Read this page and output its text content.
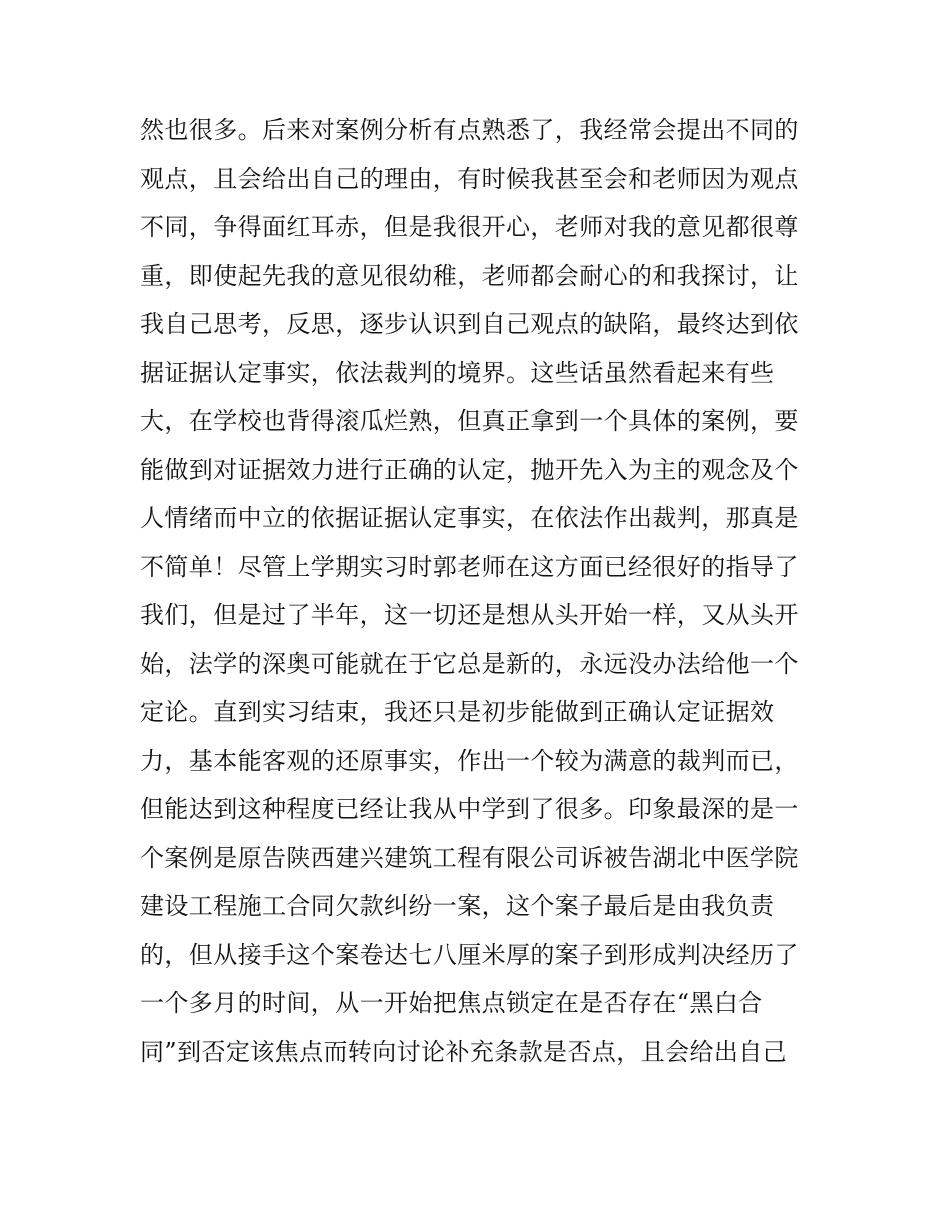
然也很多。后来对案例分析有点熟悉了，我经常会提出不同的
观点，且会给出自己的理由，有时候我甚至会和老师因为观点
不同，争得面红耳赤，但是我很开心，老师对我的意见都很尊
重，即使起先我的意见很幼稚，老师都会耐心的和我探讨，让
我自己思考，反思，逐步认识到自己观点的缺陷，最终达到依
据证据认定事实，依法裁判的境界。这些话虽然看起来有些
大，在学校也背得滚瓜烂熟，但真正拿到一个具体的案例，要
能做到对证据效力进行正确的认定，抛开先入为主的观念及个
人情绪而中立的依据证据认定事实，在依法作出裁判，那真是
不简单！尽管上学期实习时郭老师在这方面已经很好的指导了
我们，但是过了半年，这一切还是想从头开始一样，又从头开
始，法学的深奥可能就在于它总是新的，永远没办法给他一个
定论。直到实习结束，我还只是初步能做到正确认定证据效
力，基本能客观的还原事实，作出一个较为满意的裁判而已，
但能达到这种程度已经让我从中学到了很多。印象最深的是一
个案例是原告陕西建兴建筑工程有限公司诉被告湖北中医学院
建设工程施工合同欠款纠纷一案，这个案子最后是由我负责
的，但从接手这个案卷达七八厘米厚的案子到形成判决经历了
一个多月的时间，从一开始把焦点锁定在是否存在“黑白合
同”到否定该焦点而转向讨论补充条款是否点，且会给出自己
